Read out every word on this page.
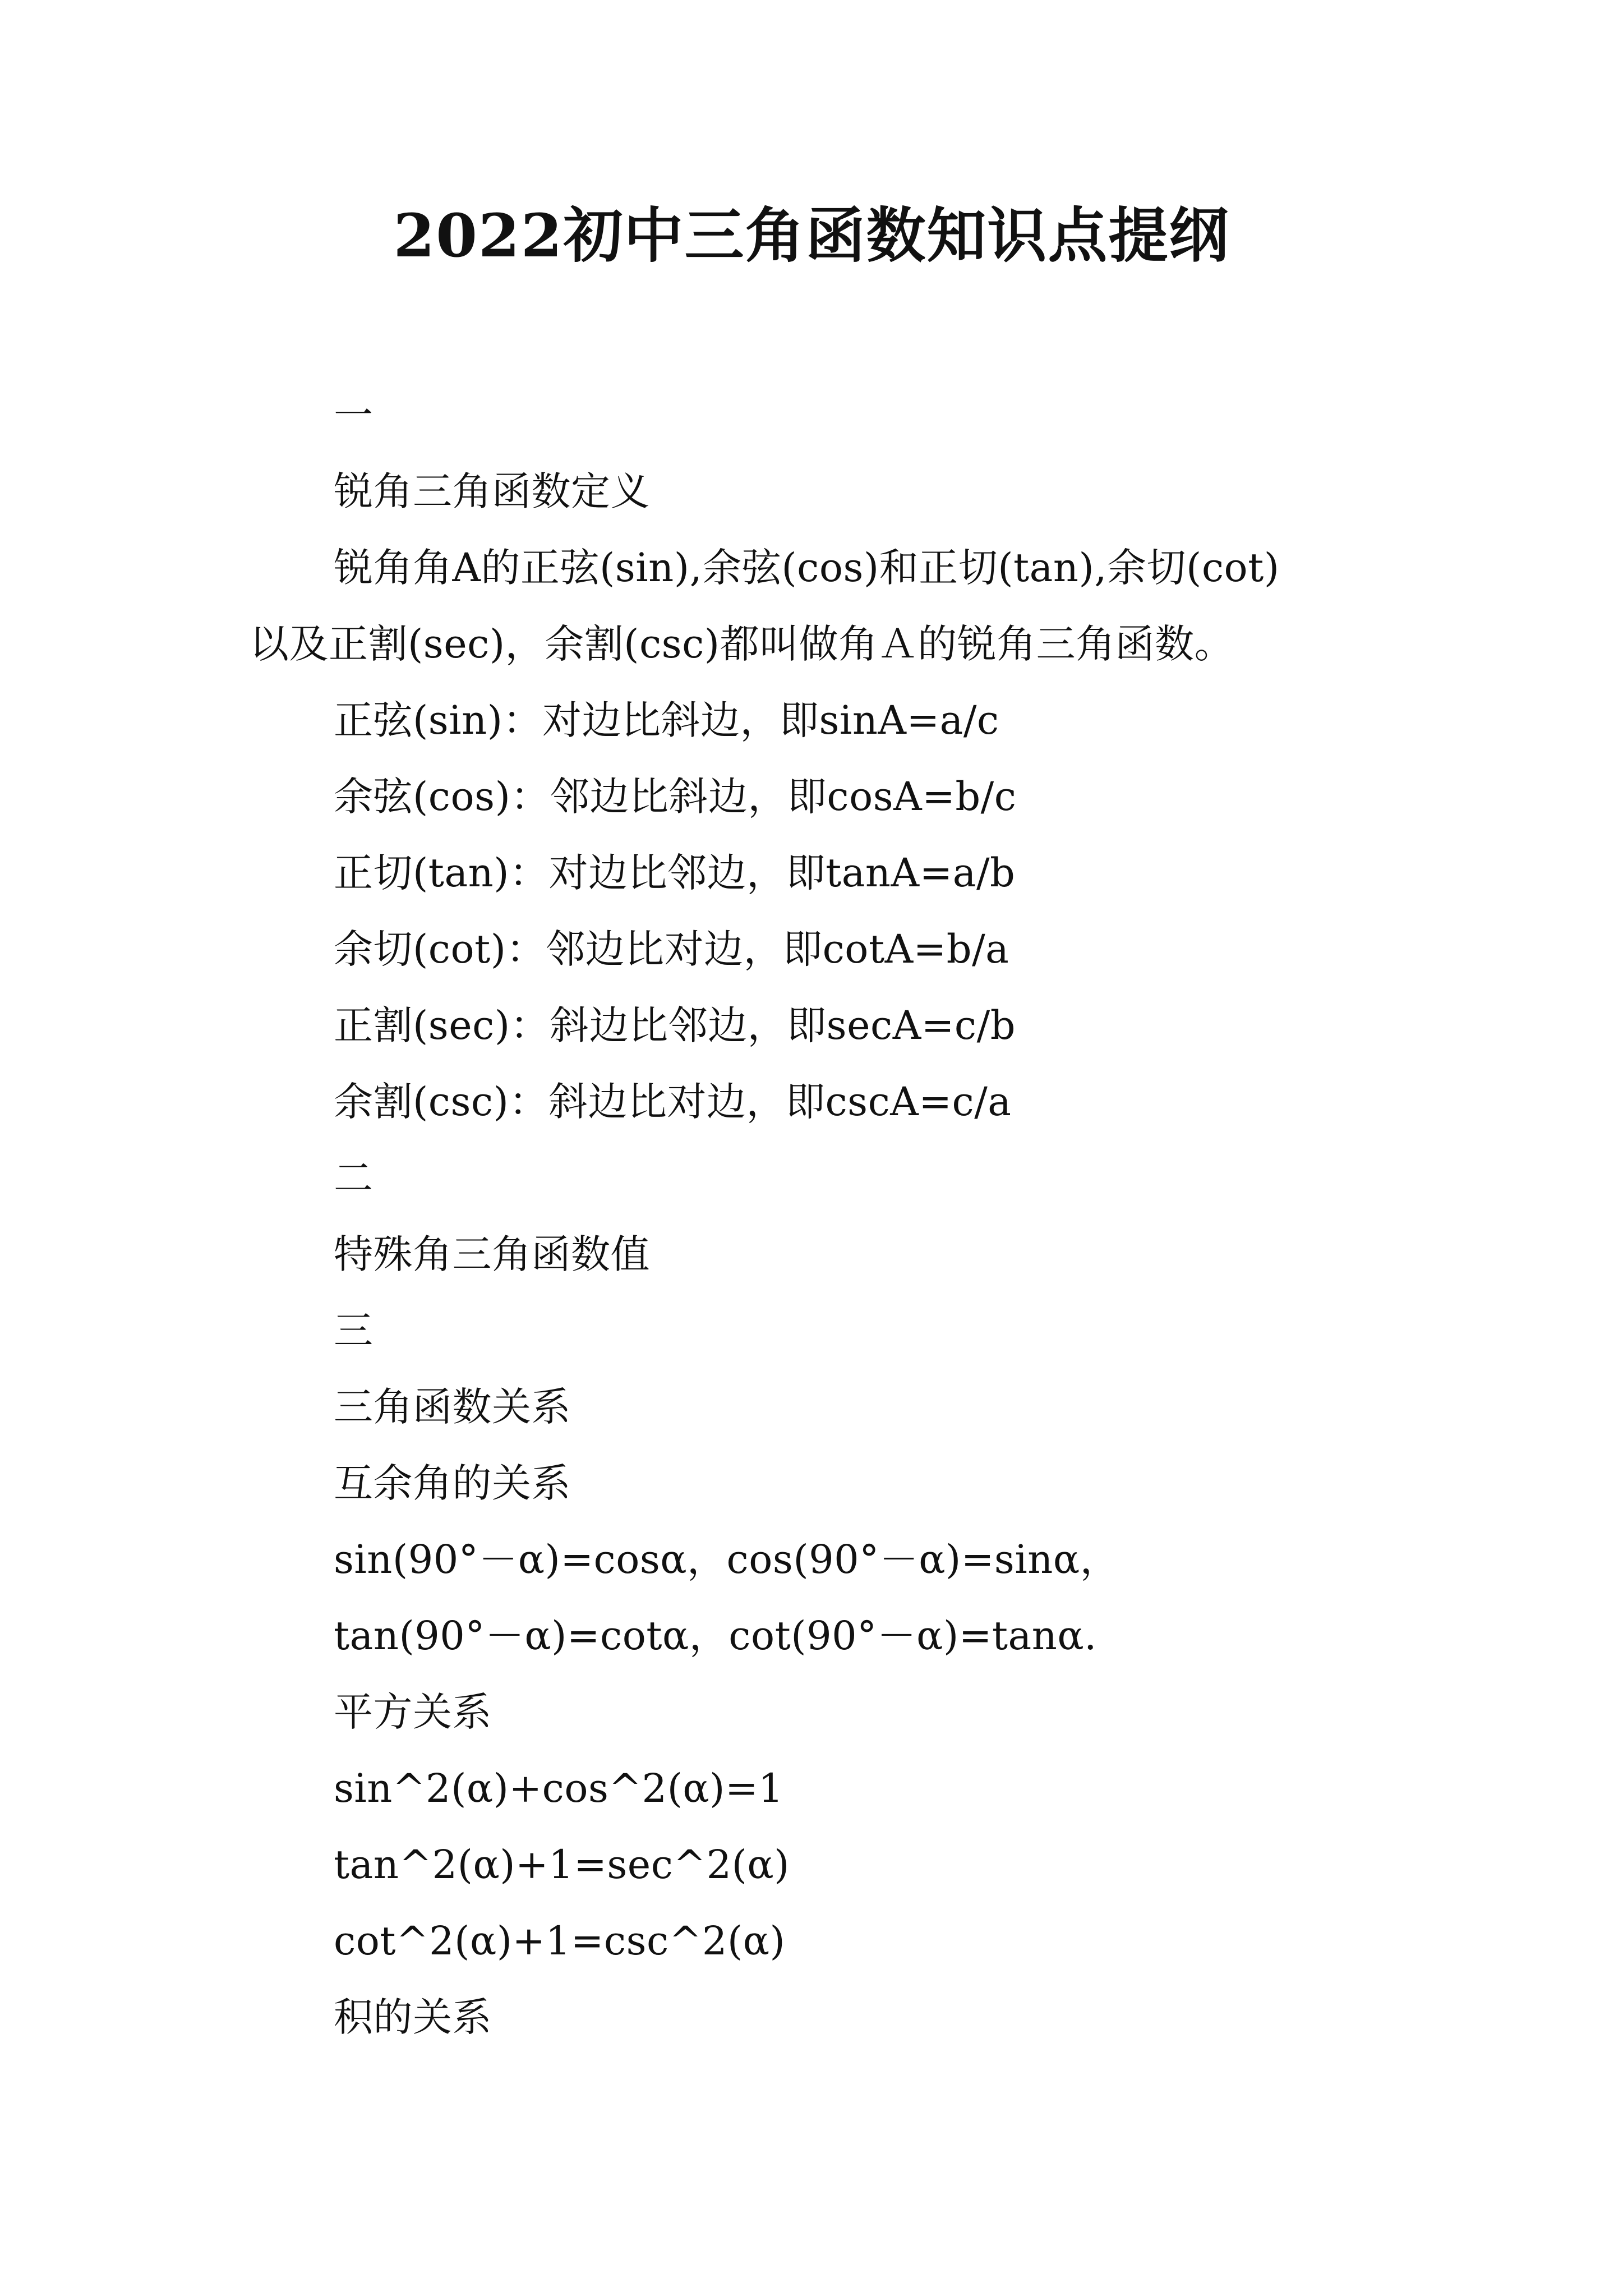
2022初中三角函数知识点提纲
一
锐角三角函数定义
锐角角A的正弦(sin),余弦(cos)和正切(tan),余切(cot)
以及正割(sec)，余割(csc)都叫做角Ａ的锐角三角函数。
正弦(sin)：对边比斜边，即sinA=a/c
余弦(cos)：邻边比斜边，即cosA=b/c
正切(tan)：对边比邻边，即tanA=a/b
余切(cot)：邻边比对边，即cotA=b/a
正割(sec)：斜边比邻边，即secA=c/b
余割(csc)：斜边比对边，即cscA=c/a
二
特殊角三角函数值
三
三角函数关系
互余角的关系
sin(90°－α)=cosα，cos(90°－α)=sinα，
tan(90°－α)=cotα，cot(90°－α)=tanα.
平方关系
sin^2(α)+cos^2(α)=1
tan^2(α)+1=sec^2(α)
cot^2(α)+1=csc^2(α)
积的关系
